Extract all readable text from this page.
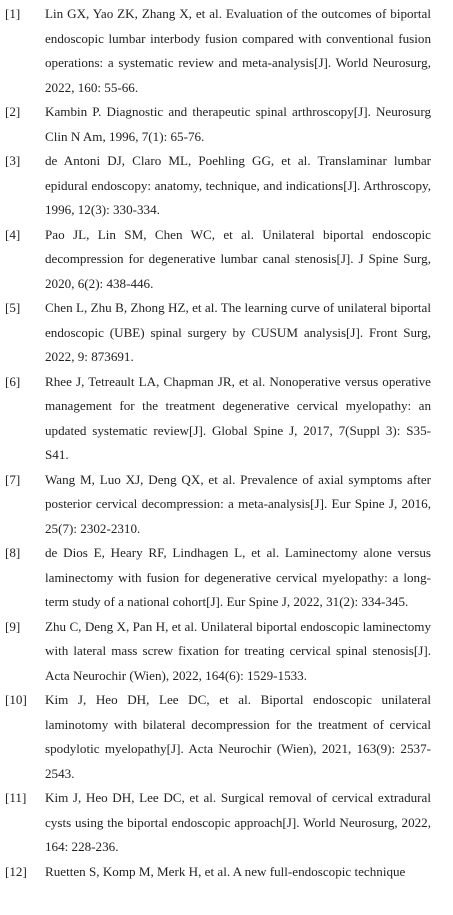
[1]	Lin GX, Yao ZK, Zhang X, et al. Evaluation of the outcomes of biportal endoscopic lumbar interbody fusion compared with conventional fusion operations: a systematic review and meta-analysis[J]. World Neurosurg, 2022, 160: 55-66.
[2]	Kambin P. Diagnostic and therapeutic spinal arthroscopy[J]. Neurosurg Clin N Am, 1996, 7(1): 65-76.
[3]	de Antoni DJ, Claro ML, Poehling GG, et al. Translaminar lumbar epidural endoscopy: anatomy, technique, and indications[J]. Arthroscopy, 1996, 12(3): 330-334.
[4]	Pao JL, Lin SM, Chen WC, et al. Unilateral biportal endoscopic decompression for degenerative lumbar canal stenosis[J]. J Spine Surg, 2020, 6(2): 438-446.
[5]	Chen L, Zhu B, Zhong HZ, et al. The learning curve of unilateral biportal endoscopic (UBE) spinal surgery by CUSUM analysis[J]. Front Surg, 2022, 9: 873691.
[6]	Rhee J, Tetreault LA, Chapman JR, et al. Nonoperative versus operative management for the treatment degenerative cervical myelopathy: an updated systematic review[J]. Global Spine J, 2017, 7(Suppl 3): S35-S41.
[7]	Wang M, Luo XJ, Deng QX, et al. Prevalence of axial symptoms after posterior cervical decompression: a meta-analysis[J]. Eur Spine J, 2016, 25(7): 2302-2310.
[8]	de Dios E, Heary RF, Lindhagen L, et al. Laminectomy alone versus laminectomy with fusion for degenerative cervical myelopathy: a long-term study of a national cohort[J]. Eur Spine J, 2022, 31(2): 334-345.
[9]	Zhu C, Deng X, Pan H, et al. Unilateral biportal endoscopic laminectomy with lateral mass screw fixation for treating cervical spinal stenosis[J]. Acta Neurochir (Wien), 2022, 164(6): 1529-1533.
[10]	Kim J, Heo DH, Lee DC, et al. Biportal endoscopic unilateral laminotomy with bilateral decompression for the treatment of cervical spodylotic myelopathy[J]. Acta Neurochir (Wien), 2021, 163(9): 2537-2543.
[11]	Kim J, Heo DH, Lee DC, et al. Surgical removal of cervical extradural cysts using the biportal endoscopic approach[J]. World Neurosurg, 2022, 164: 228-236.
[12]	Ruetten S, Komp M, Merk H, et al. A new full-endoscopic technique
